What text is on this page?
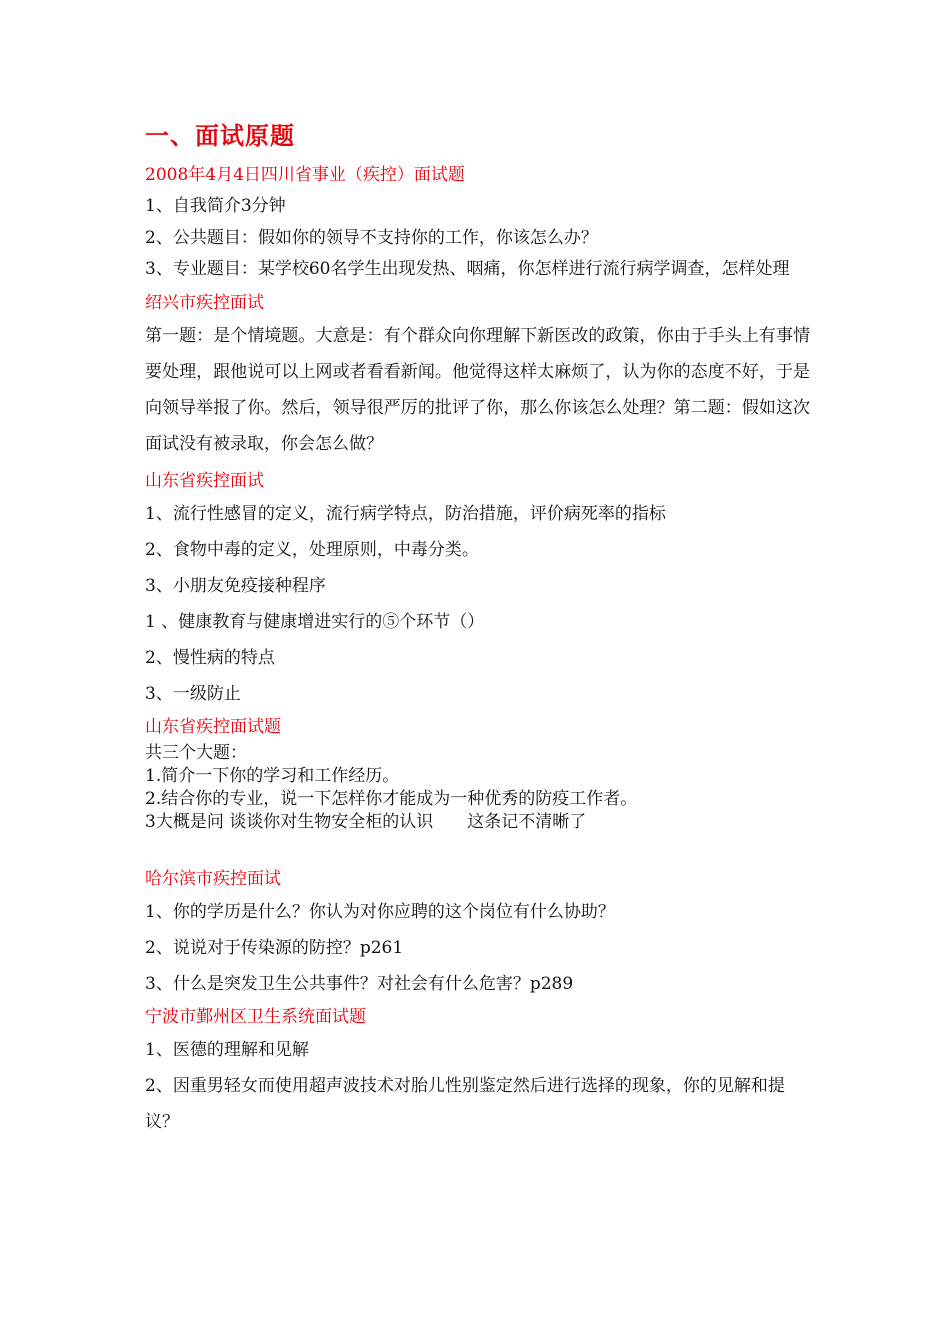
一、面试原题

2008年4月4日四川省事业（疾控）面试题

1、自我简介3分钟

2、公共题目：假如你的领导不支持你的工作，你该怎么办？

3、专业题目：某学校60名学生出现发热、咽痛，你怎样进行流行病学调查，怎样处理

绍兴市疾控面试

第一题：是个情境题。大意是：有个群众向你理解下新医改的政策，你由于手头上有事情要处理，跟他说可以上网或者看看新闻。他觉得这样太麻烦了，认为你的态度不好，于是向领导举报了你。然后，领导很严厉的批评了你，那么你该怎么处理？第二题：假如这次面试没有被录取，你会怎么做？

山东省疾控面试

1、流行性感冒的定义，流行病学特点，防治措施，评价病死率的指标

2、食物中毒的定义，处理原则，中毒分类。

3、小朋友免疫接种程序

1 、健康教育与健康增进实行的⑤个环节（）

2、慢性病的特点

3、一级防止

山东省疾控面试题

共三个大题：

1.简介一下你的学习和工作经历。

2.结合你的专业，说一下怎样你才能成为一种优秀的防疫工作者。

3大概是问 谈谈你对生物安全柜的认识　　这条记不清晰了

哈尔滨市疾控面试

1、你的学历是什么？你认为对你应聘的这个岗位有什么协助？

2、说说对于传染源的防控？p261

3、什么是突发卫生公共事件？对社会有什么危害？p289

宁波市鄞州区卫生系统面试题

1、医德的理解和见解

2、因重男轻女而使用超声波技术对胎儿性别鉴定然后进行选择的现象，你的见解和提议？
